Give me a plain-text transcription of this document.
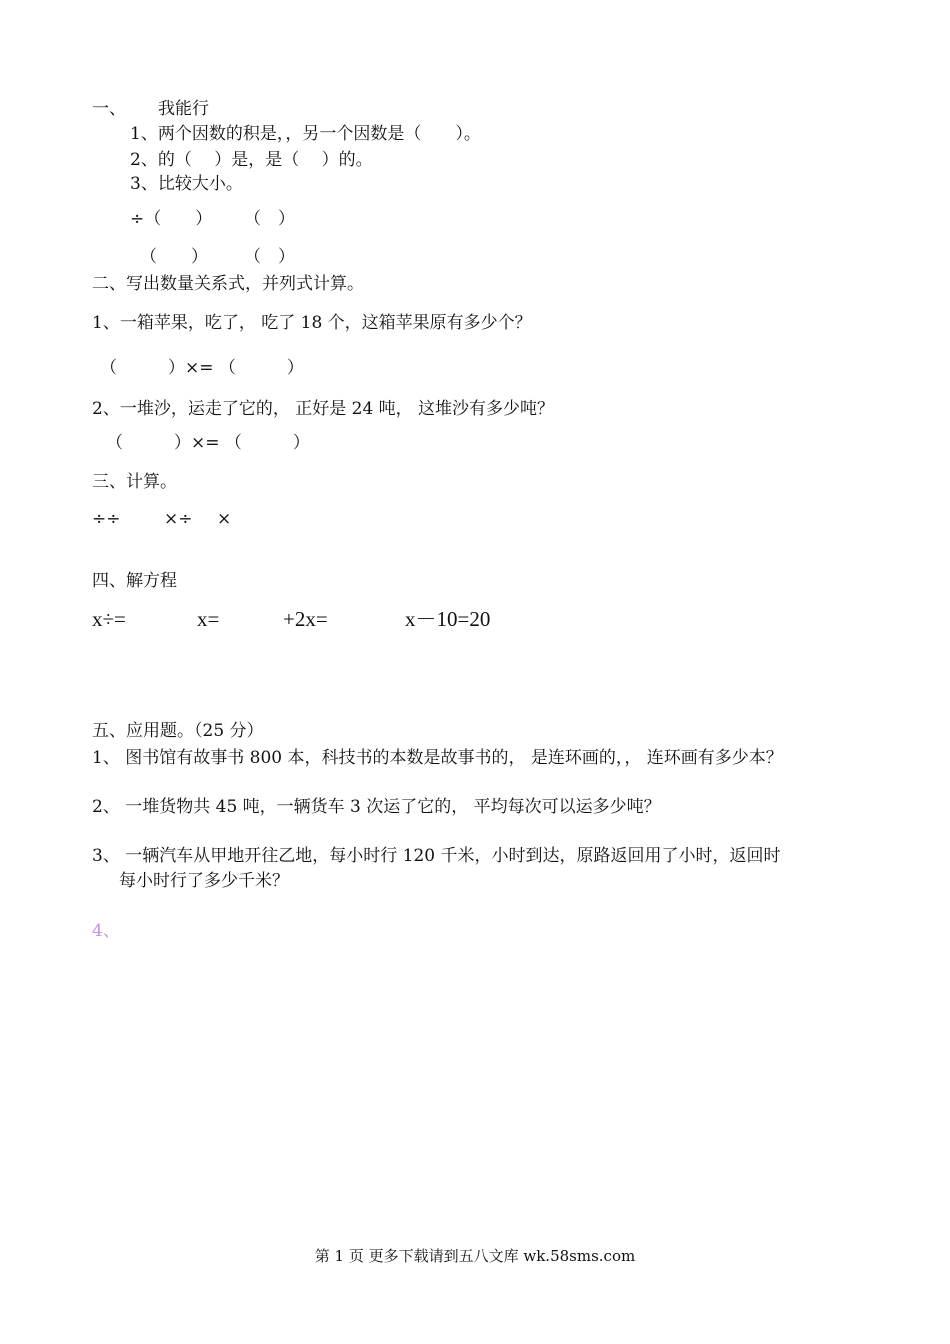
一、 我能行
1、两个因数的积是，，另一个因数是（　　）。
2、的（　 ）是，是（　 ）的。
3、比较大小。
÷（　　） （　）
（　　） （　）
二、写出数量关系式，并列式计算。
1、一箱苹果，吃了， 吃了 18 个，这箱苹果原有多少个？
（　　　）×= （　　　）
2、一堆沙，运走了它的， 正好是 24 吨， 这堆沙有多少吨？
（　　　）×= （　　　）
三、计算。
÷÷	×÷ ×
四、解方程
x÷=	x=	+2x=	x－10=20
五、应用题。（25 分）
1、 图书馆有故事书 800 本，科技书的本数是故事书的， 是连环画的，， 连环画有多少本？
2、 一堆货物共 45 吨，一辆货车 3 次运了它的， 平均每次可以运多少吨？
3、 一辆汽车从甲地开往乙地，每小时行 120 千米，小时到达，原路返回用了小时，返回时
每小时行了多少千米？
4、
第 1 页 更多下载请到五八文库 wk.58sms.com
